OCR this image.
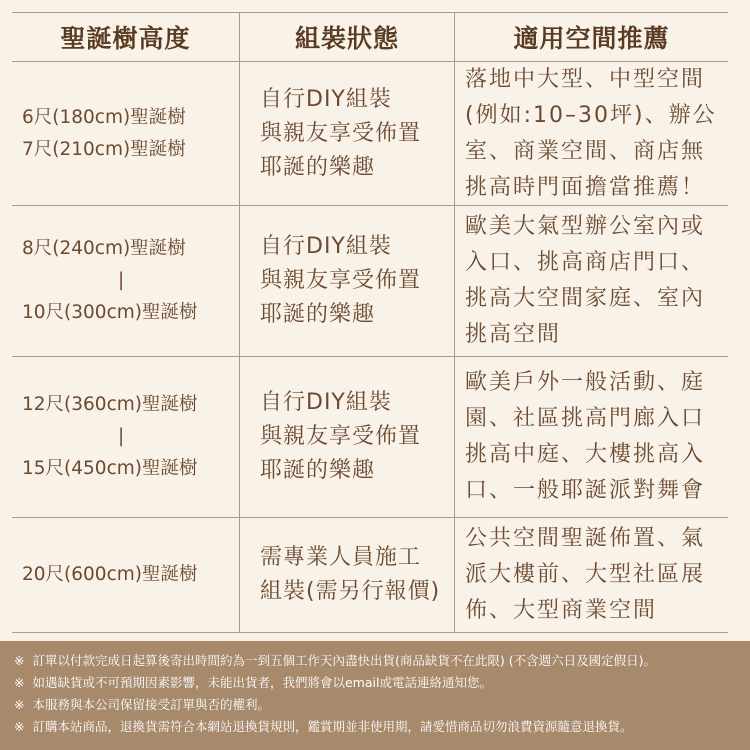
聖誕樹高度	組裝狀態	適用空間推薦
6尺(180cm)聖誕樹
7尺(210cm)聖誕樹
自行DIY組裝
與親友享受佈置
耶誕的樂趣
落地中大型、中型空間
(例如:10–30坪)、辦公
室、商業空間、商店無
挑高時門面擔當推薦！
8尺(240cm)聖誕樹
|
10尺(300cm)聖誕樹
自行DIY組裝
與親友享受佈置
耶誕的樂趣
歐美大氣型辦公室內或
入口、挑高商店門口、
挑高大空間家庭、室內
挑高空間
12尺(360cm)聖誕樹
|
15尺(450cm)聖誕樹
自行DIY組裝
與親友享受佈置
耶誕的樂趣
歐美戶外一般活動、庭
園、社區挑高門廊入口
挑高中庭、大樓挑高入
口、一般耶誕派對舞會
20尺(600cm)聖誕樹
需專業人員施工
組裝(需另行報價)
公共空間聖誕佈置、氣
派大樓前、大型社區展
佈、大型商業空間
※ 訂單以付款完成日起算後寄出時間約為一到五個工作天內盡快出貨(商品缺貨不在此限) (不含週六日及國定假日)。
※ 如遇缺貨或不可預期因素影響，未能出貨者，我們將會以email或電話連絡通知您。
※ 本服務與本公司保留接受訂單與否的權利。
※ 訂購本站商品，退換貨需符合本網站退換貨規則，鑑賞期並非使用期，請愛惜商品切勿浪費資源隨意退換貨。
